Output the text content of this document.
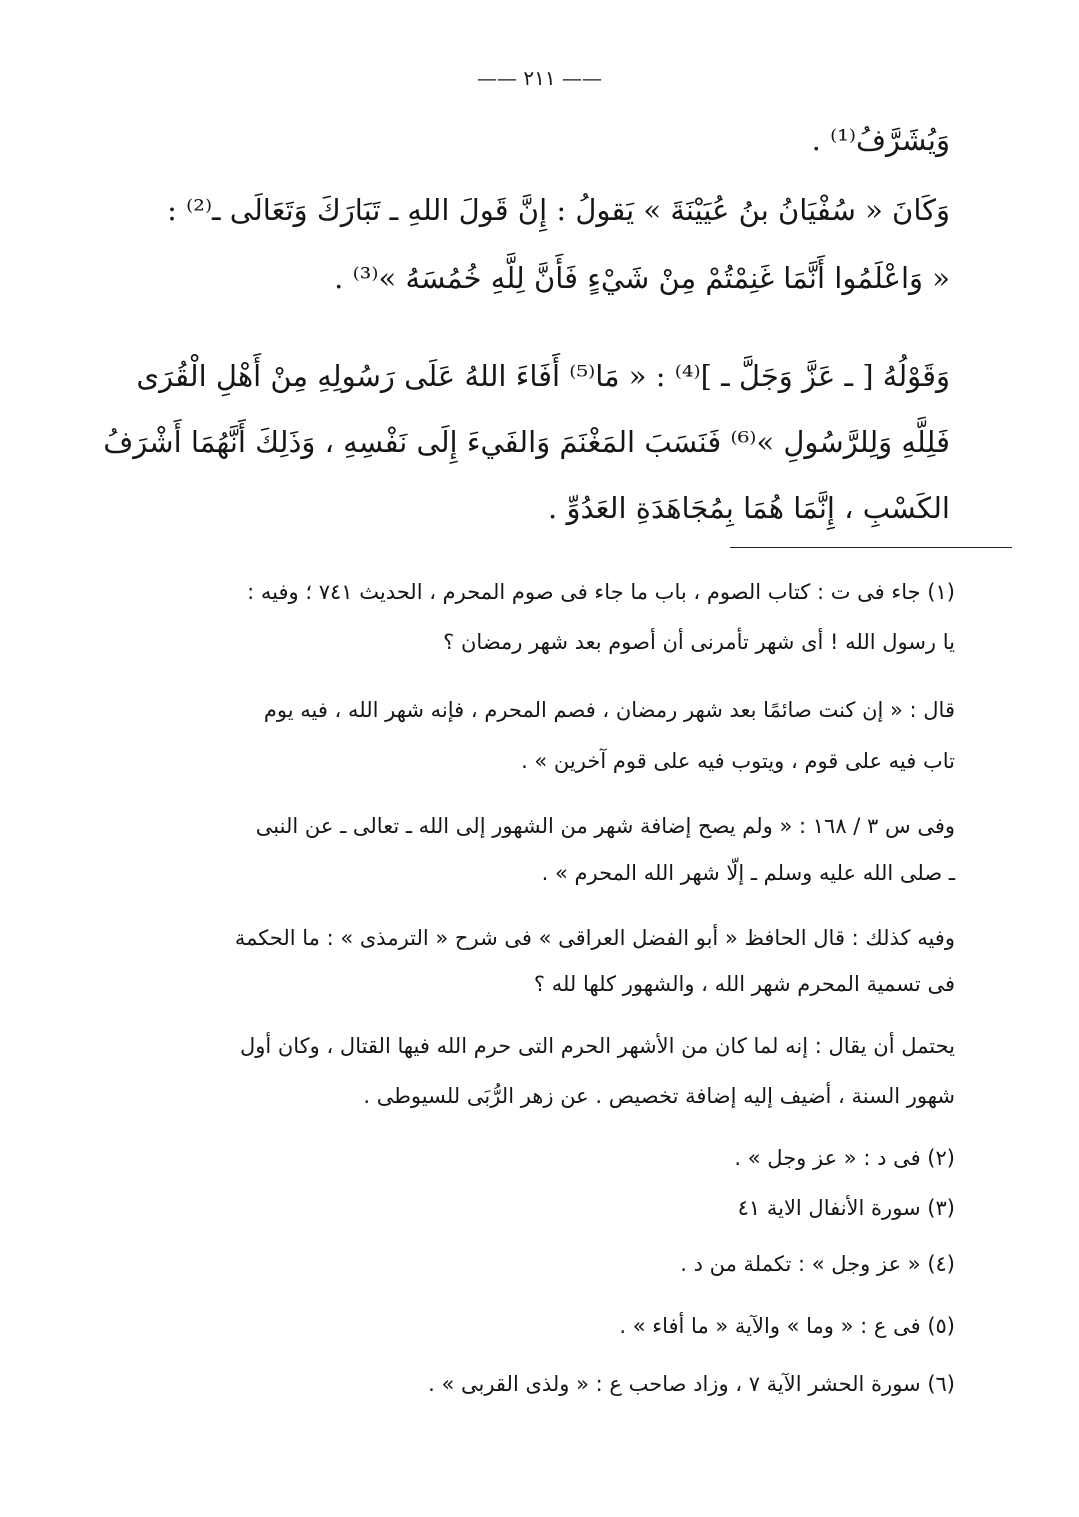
—— ٢١١ ——
وَيُشَرَّفُ⁽¹⁾ .
وَكَانَ « سُفْيَانُ بنُ عُيَيْنَةَ » يَقولُ : إِنَّ قَولَ اللهِ ـ تَبَارَكَ وَتَعَالَى ـ⁽²⁾ :
« وَاعْلَمُوا أَنَّمَا غَنِمْتُمْ مِنْ شَيْءٍ فَأَنَّ لِلَّهِ خُمُسَهُ »⁽³⁾ .
وَقَوْلُهُ [ ـ عَزَّ وَجَلَّ ـ ]⁽⁴⁾ : « مَا⁽⁵⁾ أَفَاءَ اللهُ عَلَى رَسُولِهِ مِنْ أَهْلِ الْقُرَى
فَلِلَّهِ وَلِلرَّسُولِ »⁽⁶⁾ فَنَسَبَ المَغْنَمَ وَالفَيءَ إِلَى نَفْسِهِ ، وَذَلِكَ أَنَّهُمَا أَشْرَفُ
الكَسْبِ ، إِنَّمَا هُمَا بِمُجَاهَدَةِ العَدُوِّ .
(١) جاء فى ت : كتاب الصوم ، باب ما جاء فى صوم المحرم ، الحديث ٧٤١ ؛ وفيه :
يا رسول الله ! أى شهر تأمرنى أن أصوم بعد شهر رمضان ؟
قال : « إن كنت صائمًا بعد شهر رمضان ، فصم المحرم ، فإنه شهر الله ، فيه يوم
تاب فيه على قوم ، ويتوب فيه على قوم آخرين » .
وفى س ٣ / ١٦٨ : « ولم يصح إضافة شهر من الشهور إلى الله ـ تعالى ـ عن النبى
ـ صلى الله عليه وسلم ـ إلّا شهر الله المحرم » .
وفيه كذلك : قال الحافظ « أبو الفضل العراقى » فى شرح « الترمذى » : ما الحكمة
فى تسمية المحرم شهر الله ، والشهور كلها لله ؟
يحتمل أن يقال : إنه لما كان من الأشهر الحرم التى حرم الله فيها القتال ، وكان أول
شهور السنة ، أضيف إليه إضافة تخصيص . عن زهر الرُّبَى للسيوطى .
(٢) فى د : « عز وجل » .
(٣) سورة الأنفال الاية ٤١
(٤) « عز وجل » : تكملة من د .
(٥) فى ع : « وما » والآية « ما أفاء » .
(٦) سورة الحشر الآية ٧ ، وزاد صاحب ع : « ولذى القربى » .
